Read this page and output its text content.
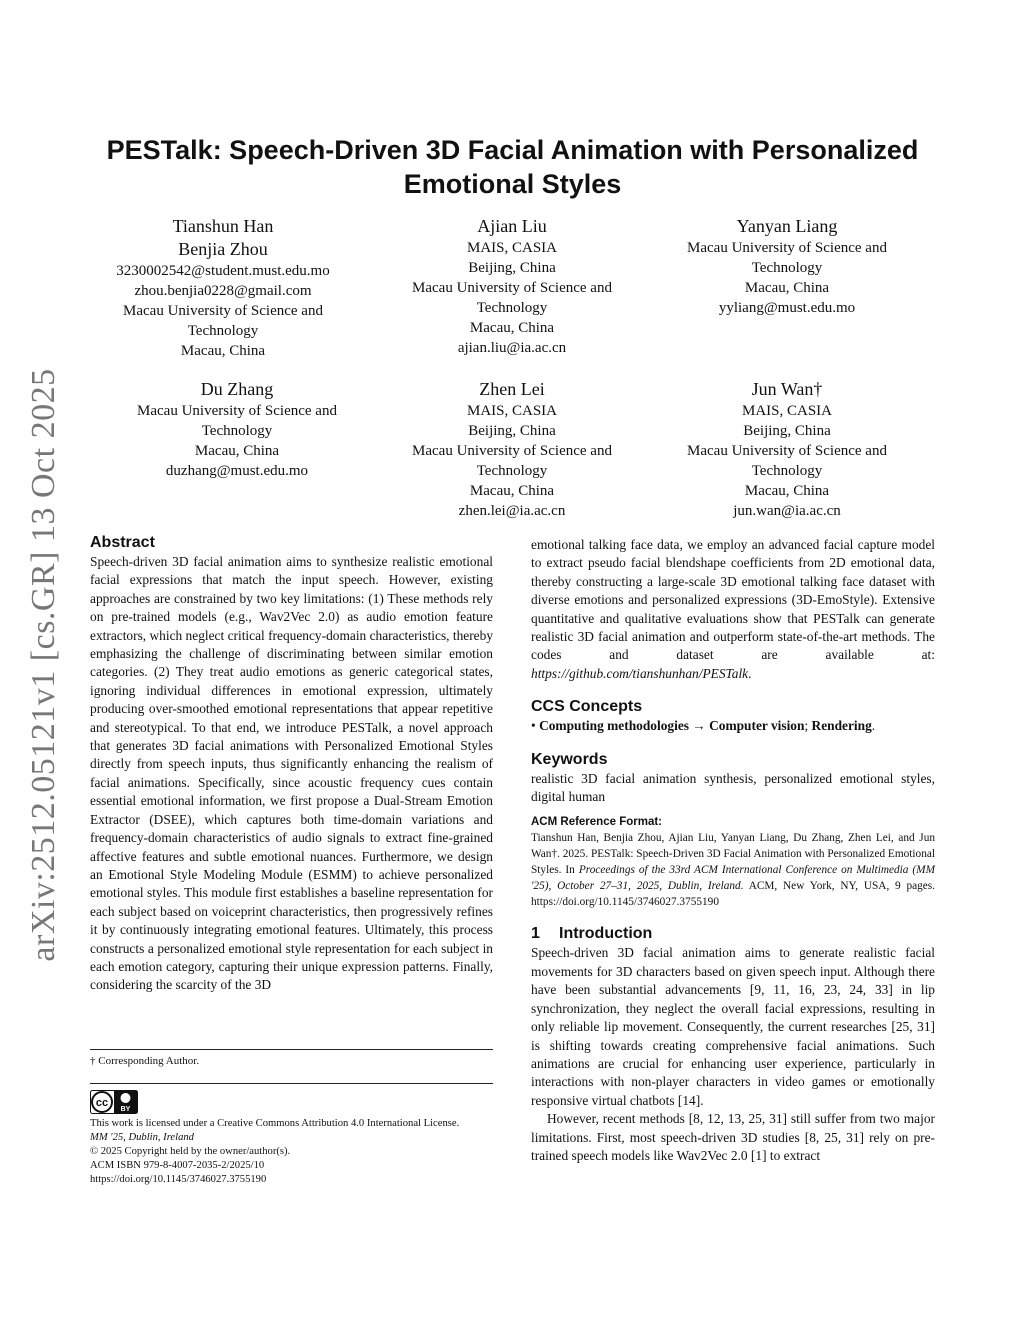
arXiv:2512.05121v1 [cs.GR] 13 Oct 2025
PESTalk: Speech-Driven 3D Facial Animation with Personalized Emotional Styles
Tianshun Han
Benjia Zhou
3230002542@student.must.edu.mo
zhou.benjia0228@gmail.com
Macau University of Science and
Technology
Macau, China
Ajian Liu
MAIS, CASIA
Beijing, China
Macau University of Science and
Technology
Macau, China
ajian.liu@ia.ac.cn
Yanyan Liang
Macau University of Science and
Technology
Macau, China
yyliang@must.edu.mo
Du Zhang
Macau University of Science and
Technology
Macau, China
duzhang@must.edu.mo
Zhen Lei
MAIS, CASIA
Beijing, China
Macau University of Science and
Technology
Macau, China
zhen.lei@ia.ac.cn
Jun Wan†
MAIS, CASIA
Beijing, China
Macau University of Science and
Technology
Macau, China
jun.wan@ia.ac.cn
Abstract

Speech-driven 3D facial animation aims to synthesize realistic emotional facial expressions that match the input speech. However, existing approaches are constrained by two key limitations: (1) These methods rely on pre-trained models (e.g., Wav2Vec 2.0) as audio emotion feature extractors, which neglect critical frequency-domain characteristics, thereby emphasizing the challenge of discriminating between similar emotion categories. (2) They treat audio emotions as generic categorical states, ignoring individual differences in emotional expression, ultimately producing over-smoothed emotional representations that appear repetitive and stereotypical. To that end, we introduce PESTalk, a novel approach that generates 3D facial animations with Personalized Emotional Styles directly from speech inputs, thus significantly enhancing the realism of facial animations. Specifically, since acoustic frequency cues contain essential emotional information, we first propose a Dual-Stream Emotion Extractor (DSEE), which captures both time-domain variations and frequency-domain characteristics of audio signals to extract fine-grained affective features and subtle emotional nuances. Furthermore, we design an Emotional Style Modeling Module (ESMM) to achieve personalized emotional styles. This module first establishes a baseline representation for each subject based on voiceprint characteristics, then progressively refines it by continuously integrating emotional features. Ultimately, this process constructs a personalized emotional style representation for each subject in each emotion category, capturing their unique expression patterns. Finally, considering the scarcity of the 3D

emotional talking face data, we employ an advanced facial capture model to extract pseudo facial blendshape coefficients from 2D emotional data, thereby constructing a large-scale 3D emotional talking face dataset with diverse emotions and personalized expressions (3D-EmoStyle). Extensive quantitative and qualitative evaluations show that PESTalk can generate realistic 3D facial animation and outperform state-of-the-art methods. The codes and dataset are available at: https://github.com/tianshunhan/PESTalk.

CCS Concepts

• Computing methodologies → Computer vision; Rendering.

Keywords

realistic 3D facial animation synthesis, personalized emotional styles, digital human

ACM Reference Format:

Tianshun Han, Benjia Zhou, Ajian Liu, Yanyan Liang, Du Zhang, Zhen Lei, and Jun Wan†. 2025. PESTalk: Speech-Driven 3D Facial Animation with Personalized Emotional Styles. In Proceedings of the 33rd ACM International Conference on Multimedia (MM '25), October 27–31, 2025, Dublin, Ireland. ACM, New York, NY, USA, 9 pages. https://doi.org/10.1145/3746027.3755190

1 Introduction

Speech-driven 3D facial animation aims to generate realistic facial movements for 3D characters based on given speech input. Although there have been substantial advancements [9, 11, 16, 23, 24, 33] in lip synchronization, they neglect the overall facial expressions, resulting in only reliable lip movement. Consequently, the current researches [25, 31] is shifting towards creating comprehensive facial animations. Such animations are crucial for enhancing user experience, particularly in interactions with non-player characters in video games or emotionally responsive virtual chatbots [14].

However, recent methods [8, 12, 13, 25, 31] still suffer from two major limitations. First, most speech-driven 3D studies [8, 25, 31] rely on pre-trained speech models like Wav2Vec 2.0 [1] to extract

† Corresponding Author.
cc
BY
This work is licensed under a Creative Commons Attribution 4.0 International License.
MM '25, Dublin, Ireland
© 2025 Copyright held by the owner/author(s).
ACM ISBN 979-8-4007-2035-2/2025/10
https://doi.org/10.1145/3746027.3755190
